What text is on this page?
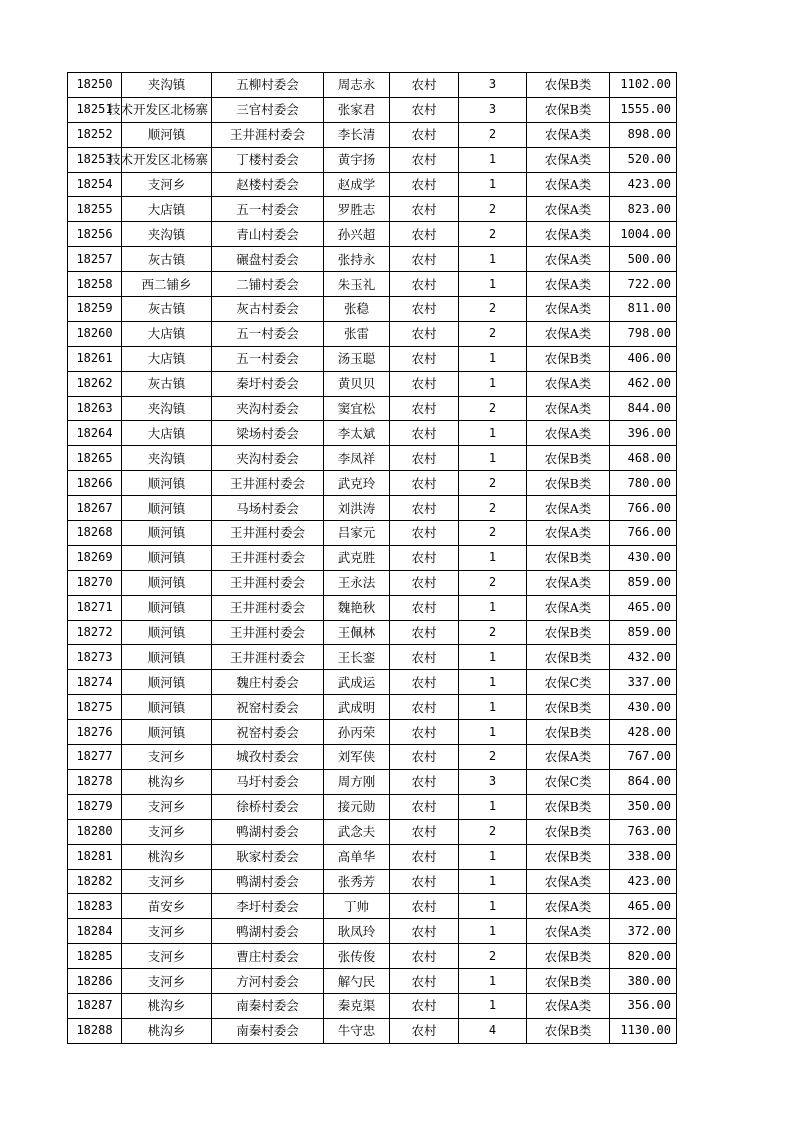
18250	夹沟镇	五柳村委会	周志永	农村	3	农保B类	1102.00
18251	技术开发区北杨寨	三官村委会	张家君	农村	3	农保B类	1555.00
18252	顺河镇	王井涯村委会	李长清	农村	2	农保A类	898.00
18253	技术开发区北杨寨	丁楼村委会	黄宇扬	农村	1	农保A类	520.00
18254	支河乡	赵楼村委会	赵成学	农村	1	农保A类	423.00
18255	大店镇	五一村委会	罗胜志	农村	2	农保A类	823.00
18256	夹沟镇	青山村委会	孙兴超	农村	2	农保A类	1004.00
18257	灰古镇	碾盘村委会	张持永	农村	1	农保A类	500.00
18258	西二铺乡	二铺村委会	朱玉礼	农村	1	农保A类	722.00
18259	灰古镇	灰古村委会	张稳	农村	2	农保A类	811.00
18260	大店镇	五一村委会	张雷	农村	2	农保A类	798.00
18261	大店镇	五一村委会	汤玉聪	农村	1	农保B类	406.00
18262	灰古镇	秦圩村委会	黄贝贝	农村	1	农保A类	462.00
18263	夹沟镇	夹沟村委会	窦宜松	农村	2	农保A类	844.00
18264	大店镇	梁场村委会	李太斌	农村	1	农保A类	396.00
18265	夹沟镇	夹沟村委会	李凤祥	农村	1	农保B类	468.00
18266	顺河镇	王井涯村委会	武克玲	农村	2	农保B类	780.00
18267	顺河镇	马场村委会	刘洪涛	农村	2	农保A类	766.00
18268	顺河镇	王井涯村委会	吕家元	农村	2	农保A类	766.00
18269	顺河镇	王井涯村委会	武克胜	农村	1	农保B类	430.00
18270	顺河镇	王井涯村委会	王永法	农村	2	农保A类	859.00
18271	顺河镇	王井涯村委会	魏艳秋	农村	1	农保A类	465.00
18272	顺河镇	王井涯村委会	王佩林	农村	2	农保B类	859.00
18273	顺河镇	王井涯村委会	王长銮	农村	1	农保B类	432.00
18274	顺河镇	魏庄村委会	武成运	农村	1	农保C类	337.00
18275	顺河镇	祝窑村委会	武成明	农村	1	农保B类	430.00
18276	顺河镇	祝窑村委会	孙丙荣	农村	1	农保B类	428.00
18277	支河乡	城孜村委会	刘军侠	农村	2	农保A类	767.00
18278	桃沟乡	马圩村委会	周方刚	农村	3	农保C类	864.00
18279	支河乡	徐桥村委会	接元勋	农村	1	农保B类	350.00
18280	支河乡	鸭湖村委会	武念夫	农村	2	农保B类	763.00
18281	桃沟乡	耿家村委会	高单华	农村	1	农保B类	338.00
18282	支河乡	鸭湖村委会	张秀芳	农村	1	农保A类	423.00
18283	苗安乡	李圩村委会	丁帅	农村	1	农保A类	465.00
18284	支河乡	鸭湖村委会	耿凤玲	农村	1	农保A类	372.00
18285	支河乡	曹庄村委会	张传俊	农村	2	农保B类	820.00
18286	支河乡	方河村委会	解勺民	农村	1	农保B类	380.00
18287	桃沟乡	南秦村委会	秦克渠	农村	1	农保A类	356.00
18288	桃沟乡	南秦村委会	牛守忠	农村	4	农保B类	1130.00
